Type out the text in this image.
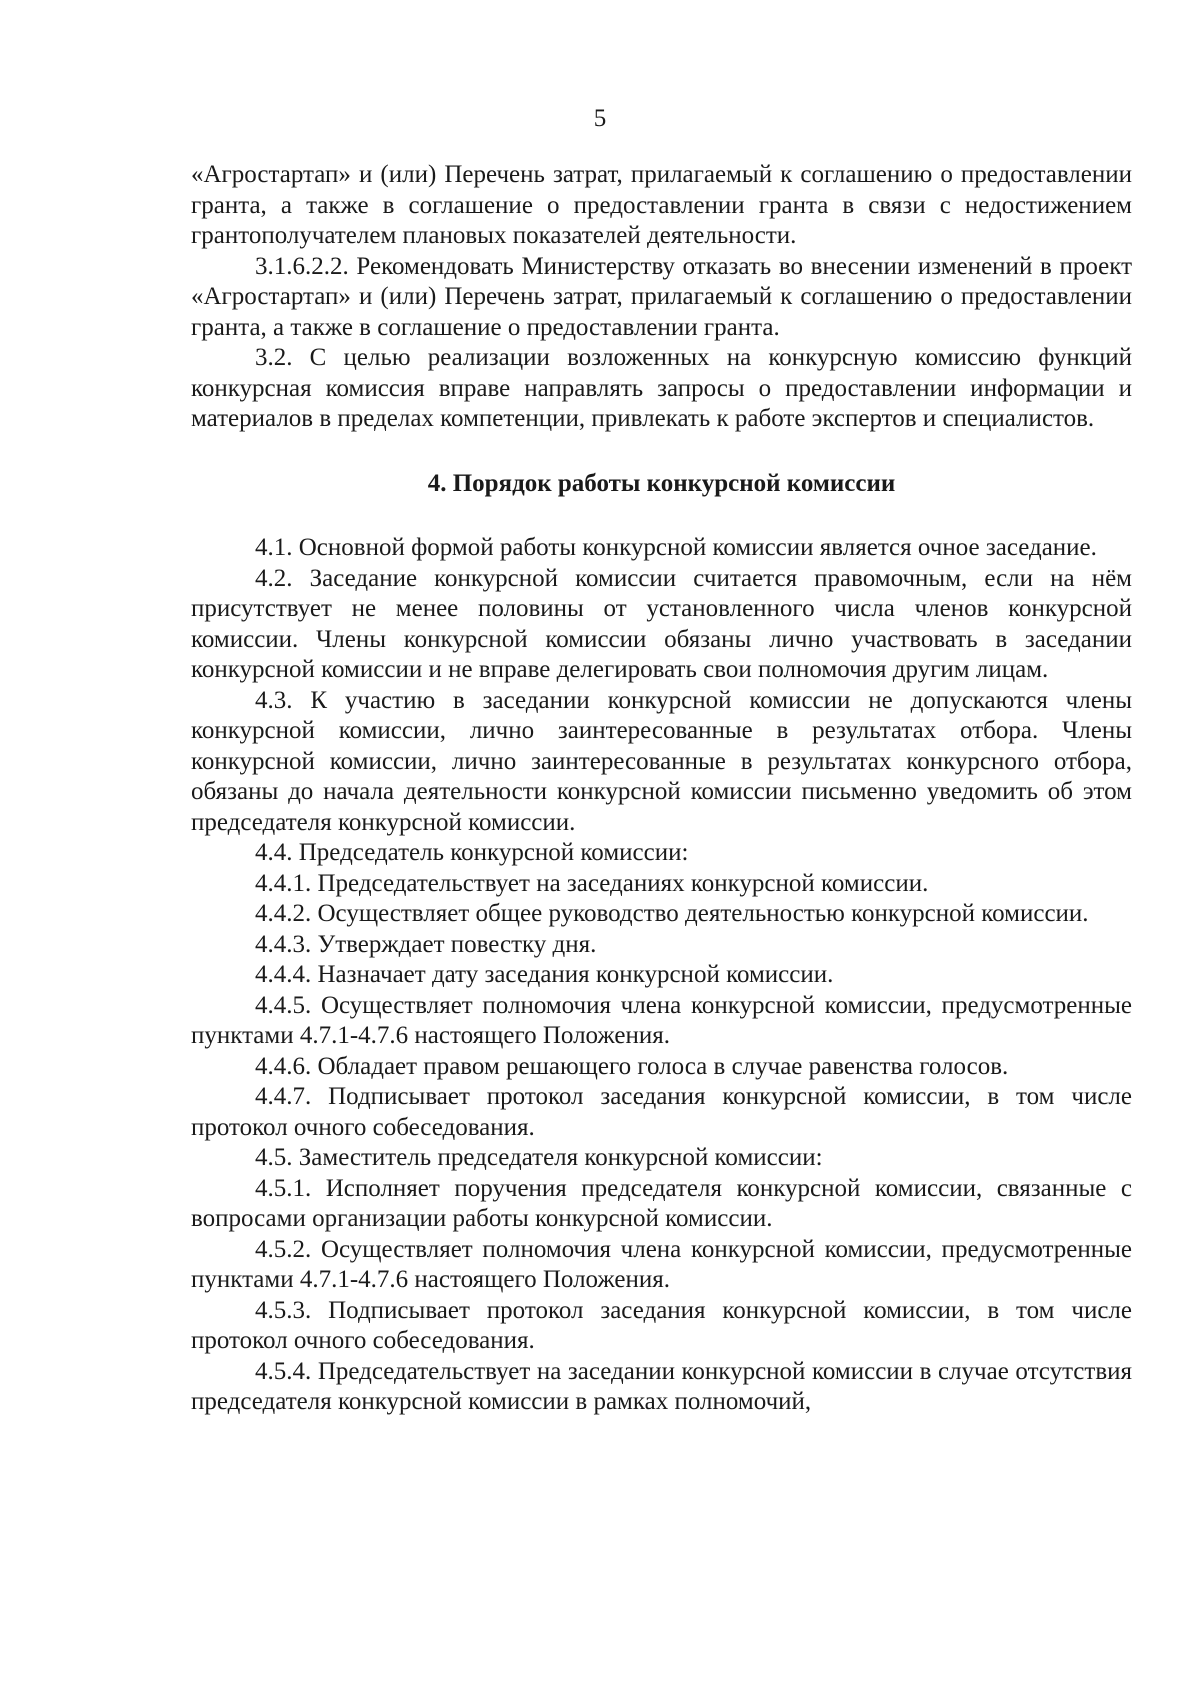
5

«Агростартап» и (или) Перечень затрат, прилагаемый к соглашению о предоставлении гранта, а также в соглашение о предоставлении гранта в связи с недостижением грантополучателем плановых показателей деятельности.

3.1.6.2.2. Рекомендовать Министерству отказать во внесении изменений в проект «Агростартап» и (или) Перечень затрат, прилагаемый к соглашению о предоставлении гранта, а также в соглашение о предоставлении гранта.

3.2. С целью реализации возложенных на конкурсную комиссию функций конкурсная комиссия вправе направлять запросы о предоставлении информации и материалов в пределах компетенции, привлекать к работе экспертов и специалистов.

4. Порядок работы конкурсной комиссии

4.1. Основной формой работы конкурсной комиссии является очное заседание.

4.2. Заседание конкурсной комиссии считается правомочным, если на нём присутствует не менее половины от установленного числа членов конкурсной комиссии. Члены конкурсной комиссии обязаны лично участвовать в заседании конкурсной комиссии и не вправе делегировать свои полномочия другим лицам.

4.3. К участию в заседании конкурсной комиссии не допускаются члены конкурсной комиссии, лично заинтересованные в результатах отбора. Члены конкурсной комиссии, лично заинтересованные в результатах конкурсного отбора, обязаны до начала деятельности конкурсной комиссии письменно уведомить об этом председателя конкурсной комиссии.

4.4. Председатель конкурсной комиссии:

4.4.1. Председательствует на заседаниях конкурсной комиссии.

4.4.2. Осуществляет общее руководство деятельностью конкурсной комиссии.

4.4.3. Утверждает повестку дня.

4.4.4. Назначает дату заседания конкурсной комиссии.

4.4.5. Осуществляет полномочия члена конкурсной комиссии, предусмотренные пунктами 4.7.1-4.7.6 настоящего Положения.

4.4.6. Обладает правом решающего голоса в случае равенства голосов.

4.4.7. Подписывает протокол заседания конкурсной комиссии, в том числе протокол очного собеседования.

4.5. Заместитель председателя конкурсной комиссии:

4.5.1. Исполняет поручения председателя конкурсной комиссии, связанные с вопросами организации работы конкурсной комиссии.

4.5.2. Осуществляет полномочия члена конкурсной комиссии, предусмотренные пунктами 4.7.1-4.7.6 настоящего Положения.

4.5.3. Подписывает протокол заседания конкурсной комиссии, в том числе протокол очного собеседования.

4.5.4. Председательствует на заседании конкурсной комиссии в случае отсутствия председателя конкурсной комиссии в рамках полномочий,
